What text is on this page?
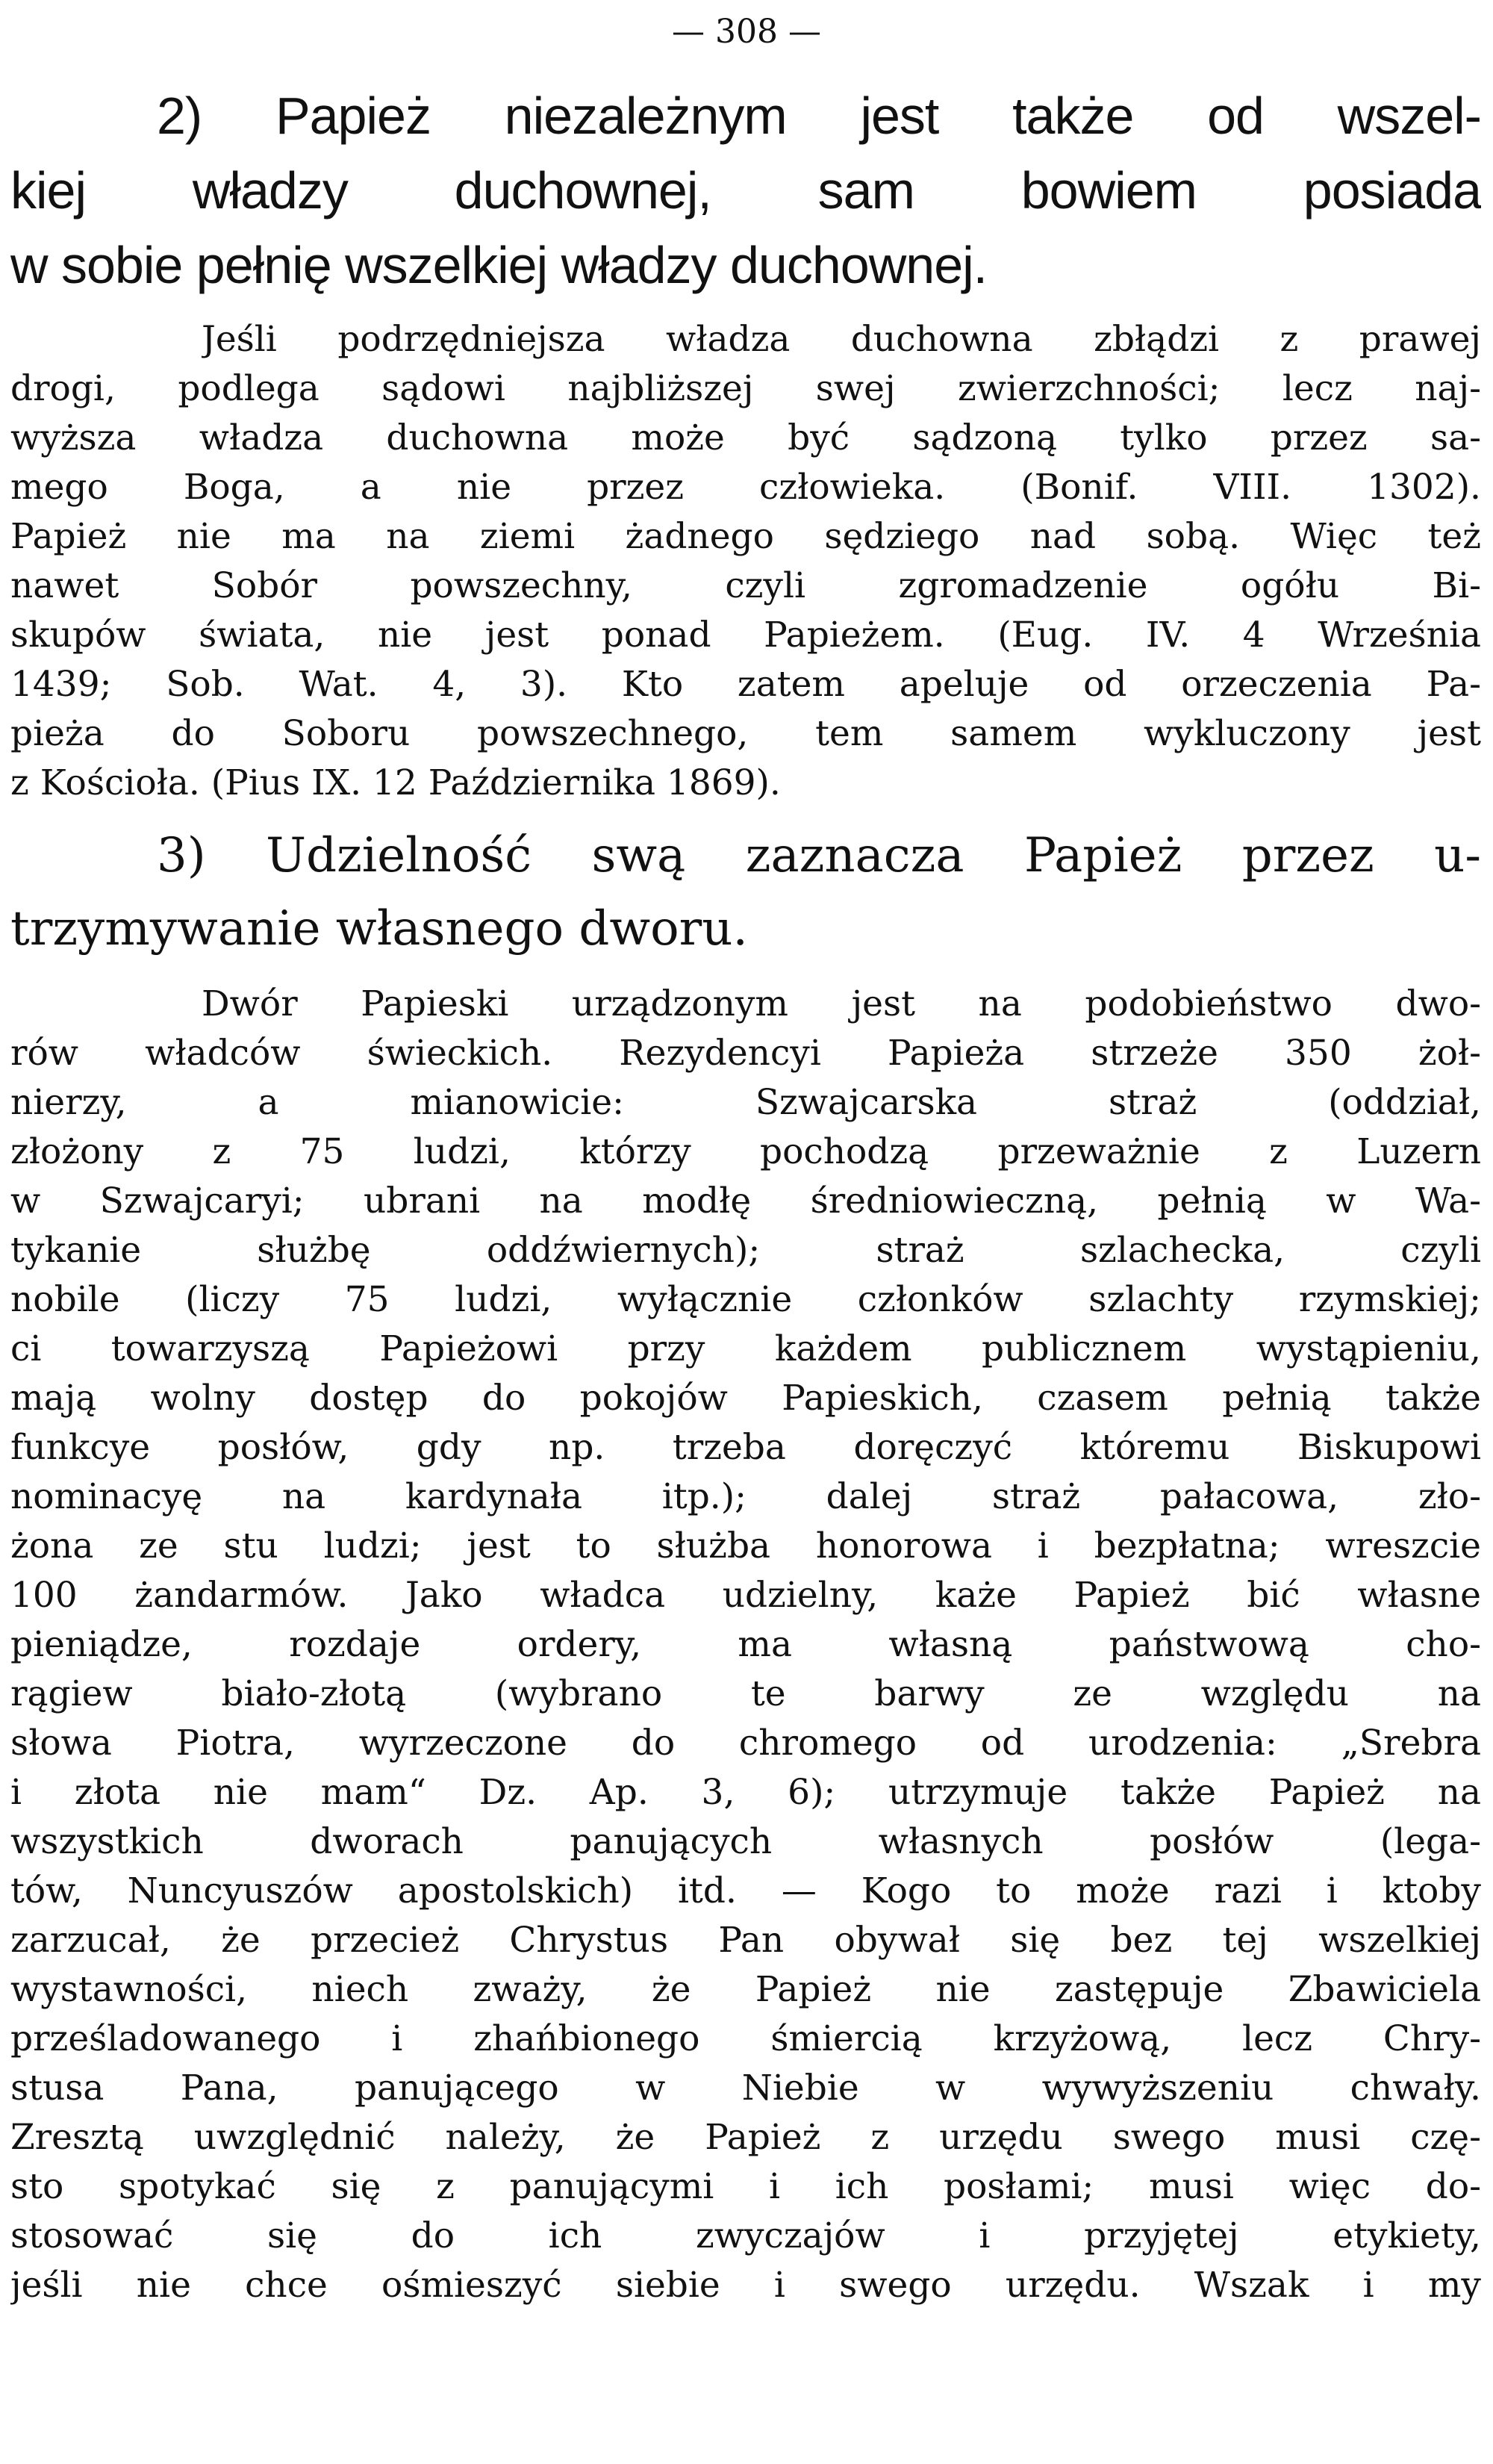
— 308 —

2) Papież niezależnym jest także od wszel-

kiej władzy duchownej, sam bowiem posiada

w sobie pełnię wszelkiej władzy duchownej.

Jeśli podrzędniejsza władza duchowna zbłądzi z prawej

drogi, podlega sądowi najbliższej swej zwierzchności; lecz naj-

wyższa władza duchowna może być sądzoną tylko przez sa-

mego Boga, a nie przez człowieka. (Bonif. VIII. 1302).

Papież nie ma na ziemi żadnego sędziego nad sobą. Więc też

nawet Sobór powszechny, czyli zgromadzenie ogółu Bi-

skupów świata, nie jest ponad Papieżem. (Eug. IV. 4 Września

1439; Sob. Wat. 4, 3). Kto zatem apeluje od orzeczenia Pa-

pieża do Soboru powszechnego, tem samem wykluczony jest

z Kościoła. (Pius IX. 12 Października 1869).

3) Udzielność swą zaznacza Papież przez u-

trzymywanie własnego dworu.

Dwór Papieski urządzonym jest na podobieństwo dwo-

rów władców świeckich. Rezydencyi Papieża strzeże 350 żoł-

nierzy, a mianowicie: Szwajcarska straż (oddział,

złożony z 75 ludzi, którzy pochodzą przeważnie z Luzern

w Szwajcaryi; ubrani na modłę średniowieczną, pełnią w Wa-

tykanie służbę oddźwiernych); straż szlachecka, czyli

nobile (liczy 75 ludzi, wyłącznie członków szlachty rzymskiej;

ci towarzyszą Papieżowi przy każdem publicznem wystąpieniu,

mają wolny dostęp do pokojów Papieskich, czasem pełnią także

funkcye posłów, gdy np. trzeba doręczyć któremu Biskupowi

nominacyę na kardynała itp.); dalej straż pałacowa, zło-

żona ze stu ludzi; jest to służba honorowa i bezpłatna; wreszcie

100 żandarmów. Jako władca udzielny, każe Papież bić własne

pieniądze, rozdaje ordery, ma własną państwową cho-

rągiew biało-złotą (wybrano te barwy ze względu na

słowa Piotra, wyrzeczone do chromego od urodzenia: „Srebra

i złota nie mam“ Dz. Ap. 3, 6); utrzymuje także Papież na

wszystkich dworach panujących własnych posłów (lega-

tów, Nuncyuszów apostolskich) itd. — Kogo to może razi i ktoby

zarzucał, że przecież Chrystus Pan obywał się bez tej wszelkiej

wystawności, niech zważy, że Papież nie zastępuje Zbawiciela

prześladowanego i zhańbionego śmiercią krzyżową, lecz Chry-

stusa Pana, panującego w Niebie w wywyższeniu chwały.

Zresztą uwzględnić należy, że Papież z urzędu swego musi czę-

sto spotykać się z panującymi i ich posłami; musi więc do-

stosować się do ich zwyczajów i przyjętej etykiety,

jeśli nie chce ośmieszyć siebie i swego urzędu. Wszak i my
